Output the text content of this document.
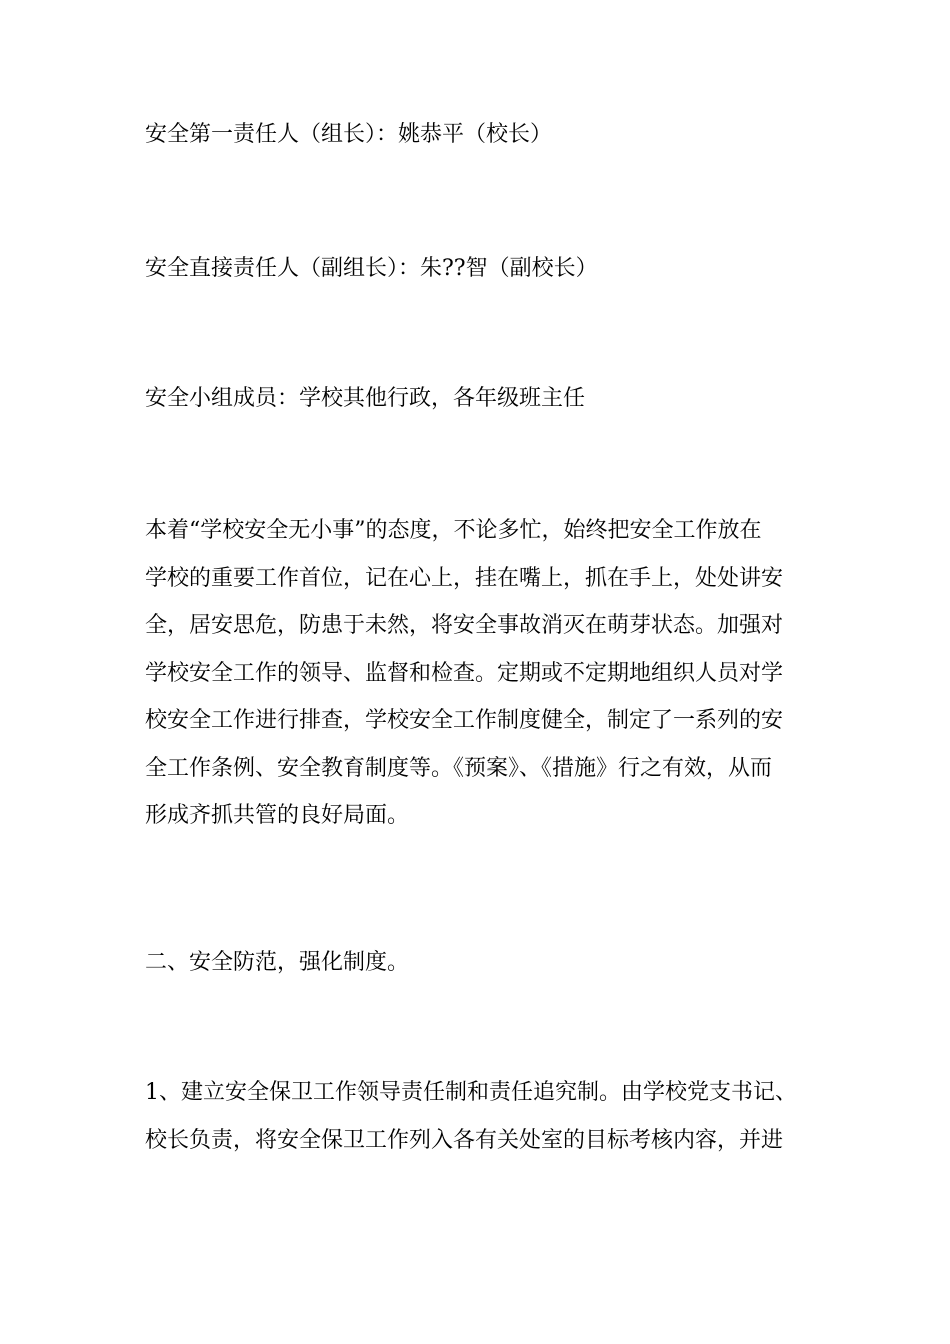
安全第一责任人（组长）：姚恭平（校长）

安全直接责任人（副组长）：朱??智（副校长）

安全小组成员：学校其他行政，各年级班主任

本着“学校安全无小事”的态度，不论多忙，始终把安全工作放在
学校的重要工作首位，记在心上，挂在嘴上，抓在手上，处处讲安
全，居安思危，防患于未然，将安全事故消灭在萌芽状态。加强对
学校安全工作的领导、监督和检查。定期或不定期地组织人员对学
校安全工作进行排查，学校安全工作制度健全，制定了一系列的安
全工作条例、安全教育制度等。《预案》、《措施》行之有效，从而
形成齐抓共管的良好局面。

二、安全防范，强化制度。

1、建立安全保卫工作领导责任制和责任追究制。由学校党支书记、
校长负责，将安全保卫工作列入各有关处室的目标考核内容，并进
